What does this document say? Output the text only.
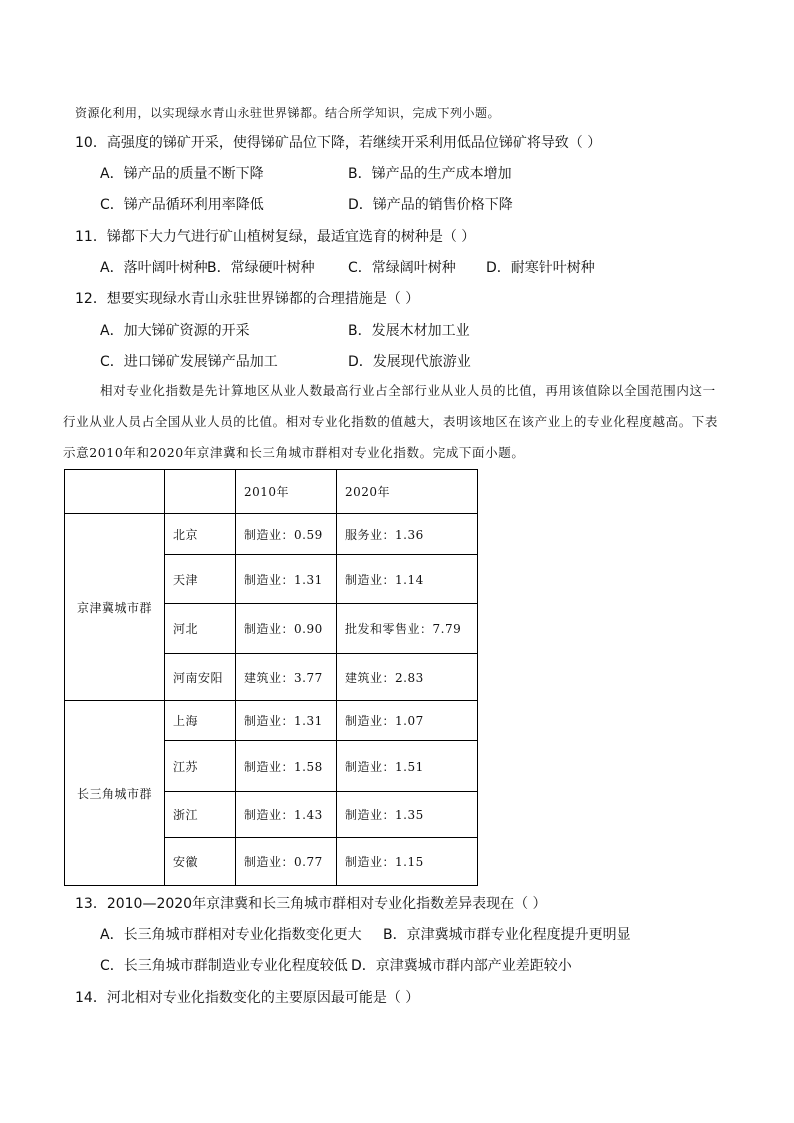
资源化利用，以实现绿水青山永驻世界锑都。结合所学知识，完成下列小题。
10．高强度的锑矿开采，使得锑矿品位下降，若继续开采利用低品位锑矿将导致（ ）
A．锑产品的质量不断下降	B．锑产品的生产成本增加
C．锑产品循环利用率降低	D．锑产品的销售价格下降
11．锑都下大力气进行矿山植树复绿，最适宜选育的树种是（ ）
A．落叶阔叶树种 B．常绿硬叶树种 C．常绿阔叶树种 D．耐寒针叶树种
12．想要实现绿水青山永驻世界锑都的合理措施是（ ）
A．加大锑矿资源的开采	B．发展木材加工业
C．进口锑矿发展锑产品加工	D．发展现代旅游业

相对专业化指数是先计算地区从业人数最高行业占全部行业从业人员的比值，再用该值除以全国范围内这一行业从业人员占全国从业人员的比值。相对专业化指数的值越大，表明该地区在该产业上的专业化程度越高。下表示意2010年和2020年京津冀和长三角城市群相对专业化指数。完成下面小题。

		2010年	2020年
京津冀城市群	北京	制造业：0.59	服务业：1.36
	天津	制造业：1.31	制造业：1.14
	河北	制造业：0.90	批发和零售业：7.79
	河南安阳	建筑业：3.77	建筑业：2.83
长三角城市群	上海	制造业：1.31	制造业：1.07
	江苏	制造业：1.58	制造业：1.51
	浙江	制造业：1.43	制造业：1.35
	安徽	制造业：0.77	制造业：1.15
13．2010—2020年京津冀和长三角城市群相对专业化指数差异表现在（ ）
A．长三角城市群相对专业化指数变化更大 B．京津冀城市群专业化程度提升更明显
C．长三角城市群制造业专业化程度较低 D．京津冀城市群内部产业差距较小
14．河北相对专业化指数变化的主要原因最可能是（ ）
